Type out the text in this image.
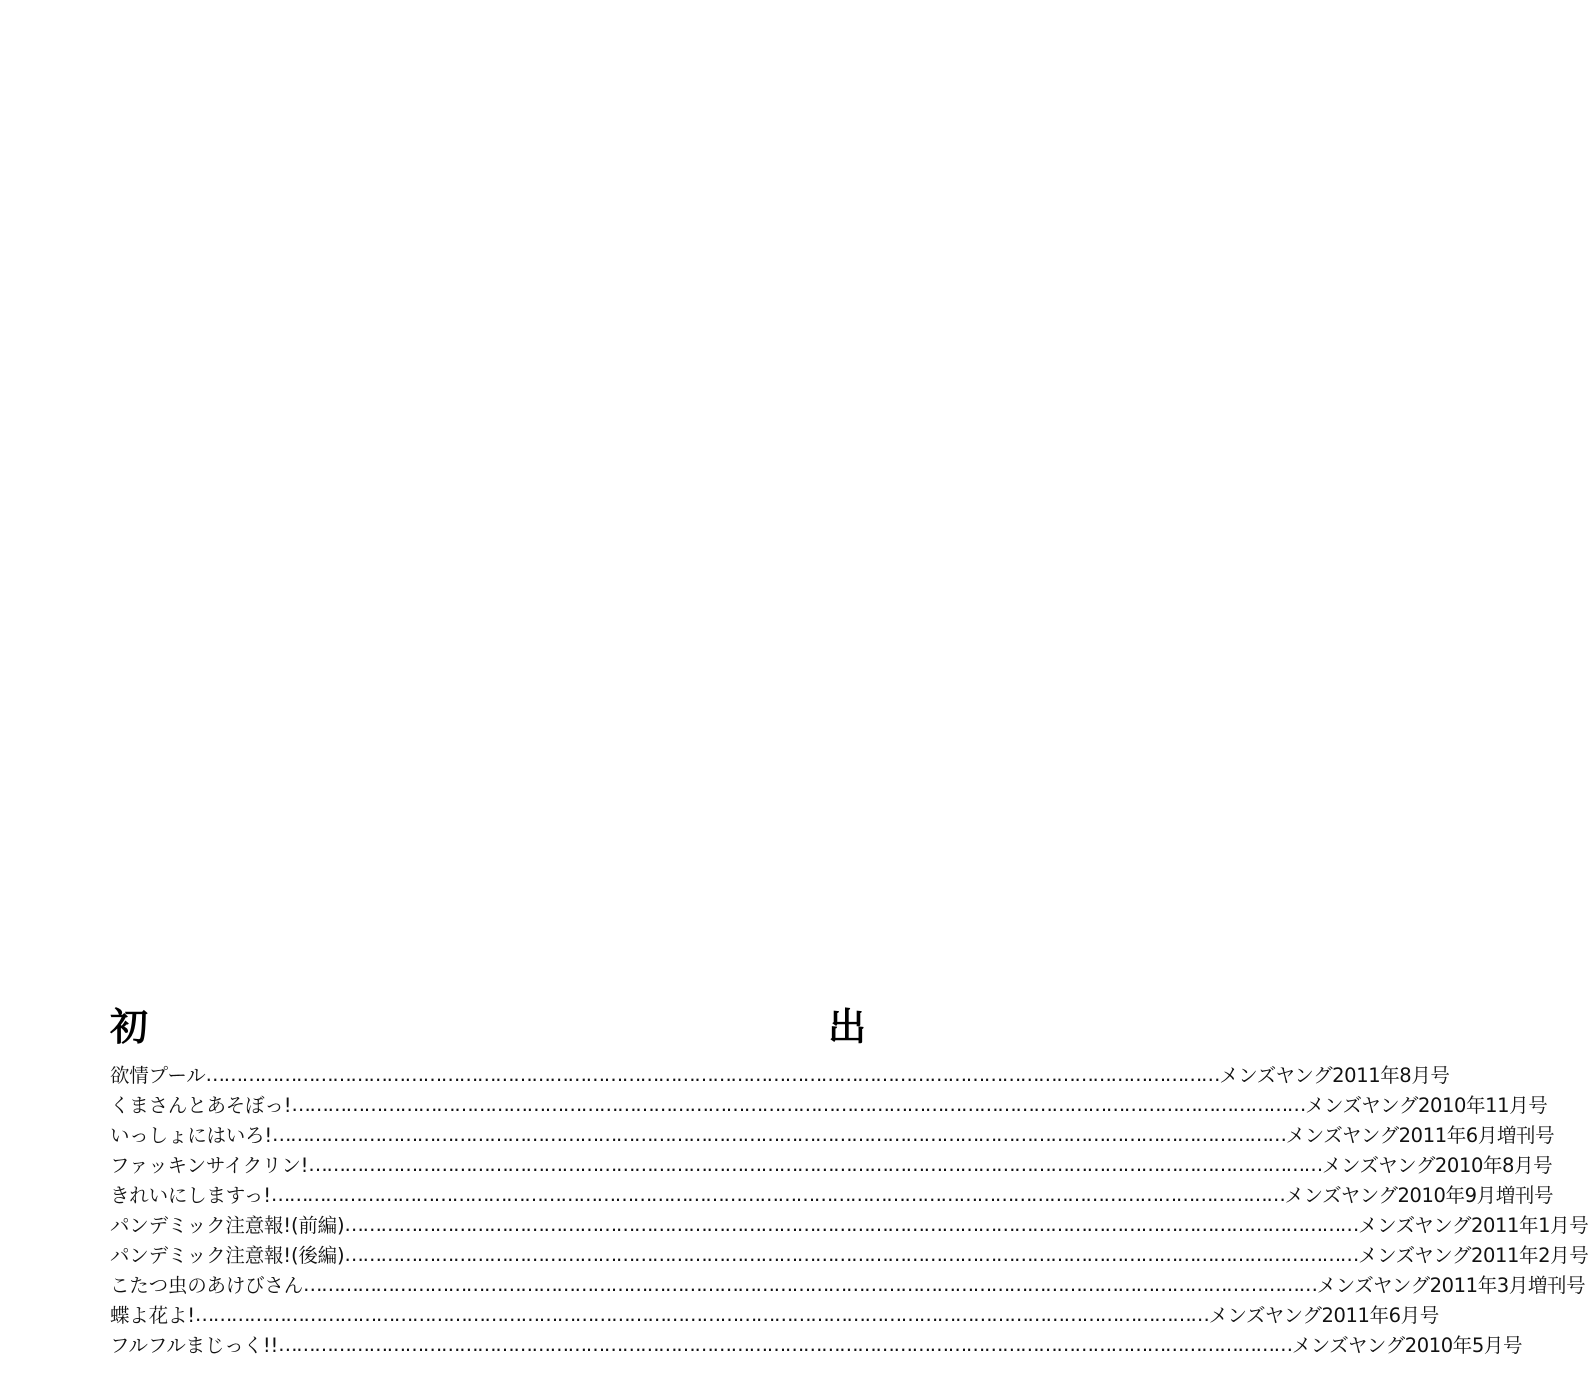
初	出
欲情プール …………………………………………………………………………………………………………………………………………………… メンズヤング2011年8月号
くまさんとあそぼっ! …………………………………………………………………………………………………………………………………………………… メンズヤング2010年11月号
いっしょにはいろ! …………………………………………………………………………………………………………………………………………………… メンズヤング2011年6月増刊号
ファッキンサイクリン! …………………………………………………………………………………………………………………………………………………… メンズヤング2010年8月号
きれいにしますっ! …………………………………………………………………………………………………………………………………………………… メンズヤング2010年9月増刊号
パンデミック注意報! (前編) …………………………………………………………………………………………………………………………………………………… メンズヤング2011年1月号
パンデミック注意報! (後編) …………………………………………………………………………………………………………………………………………………… メンズヤング2011年2月号
こたつ虫のあけびさん …………………………………………………………………………………………………………………………………………………… メンズヤング2011年3月増刊号
蝶よ花よ! …………………………………………………………………………………………………………………………………………………… メンズヤング2011年6月号
フルフルまじっく!! …………………………………………………………………………………………………………………………………………………… メンズヤング2010年5月号
